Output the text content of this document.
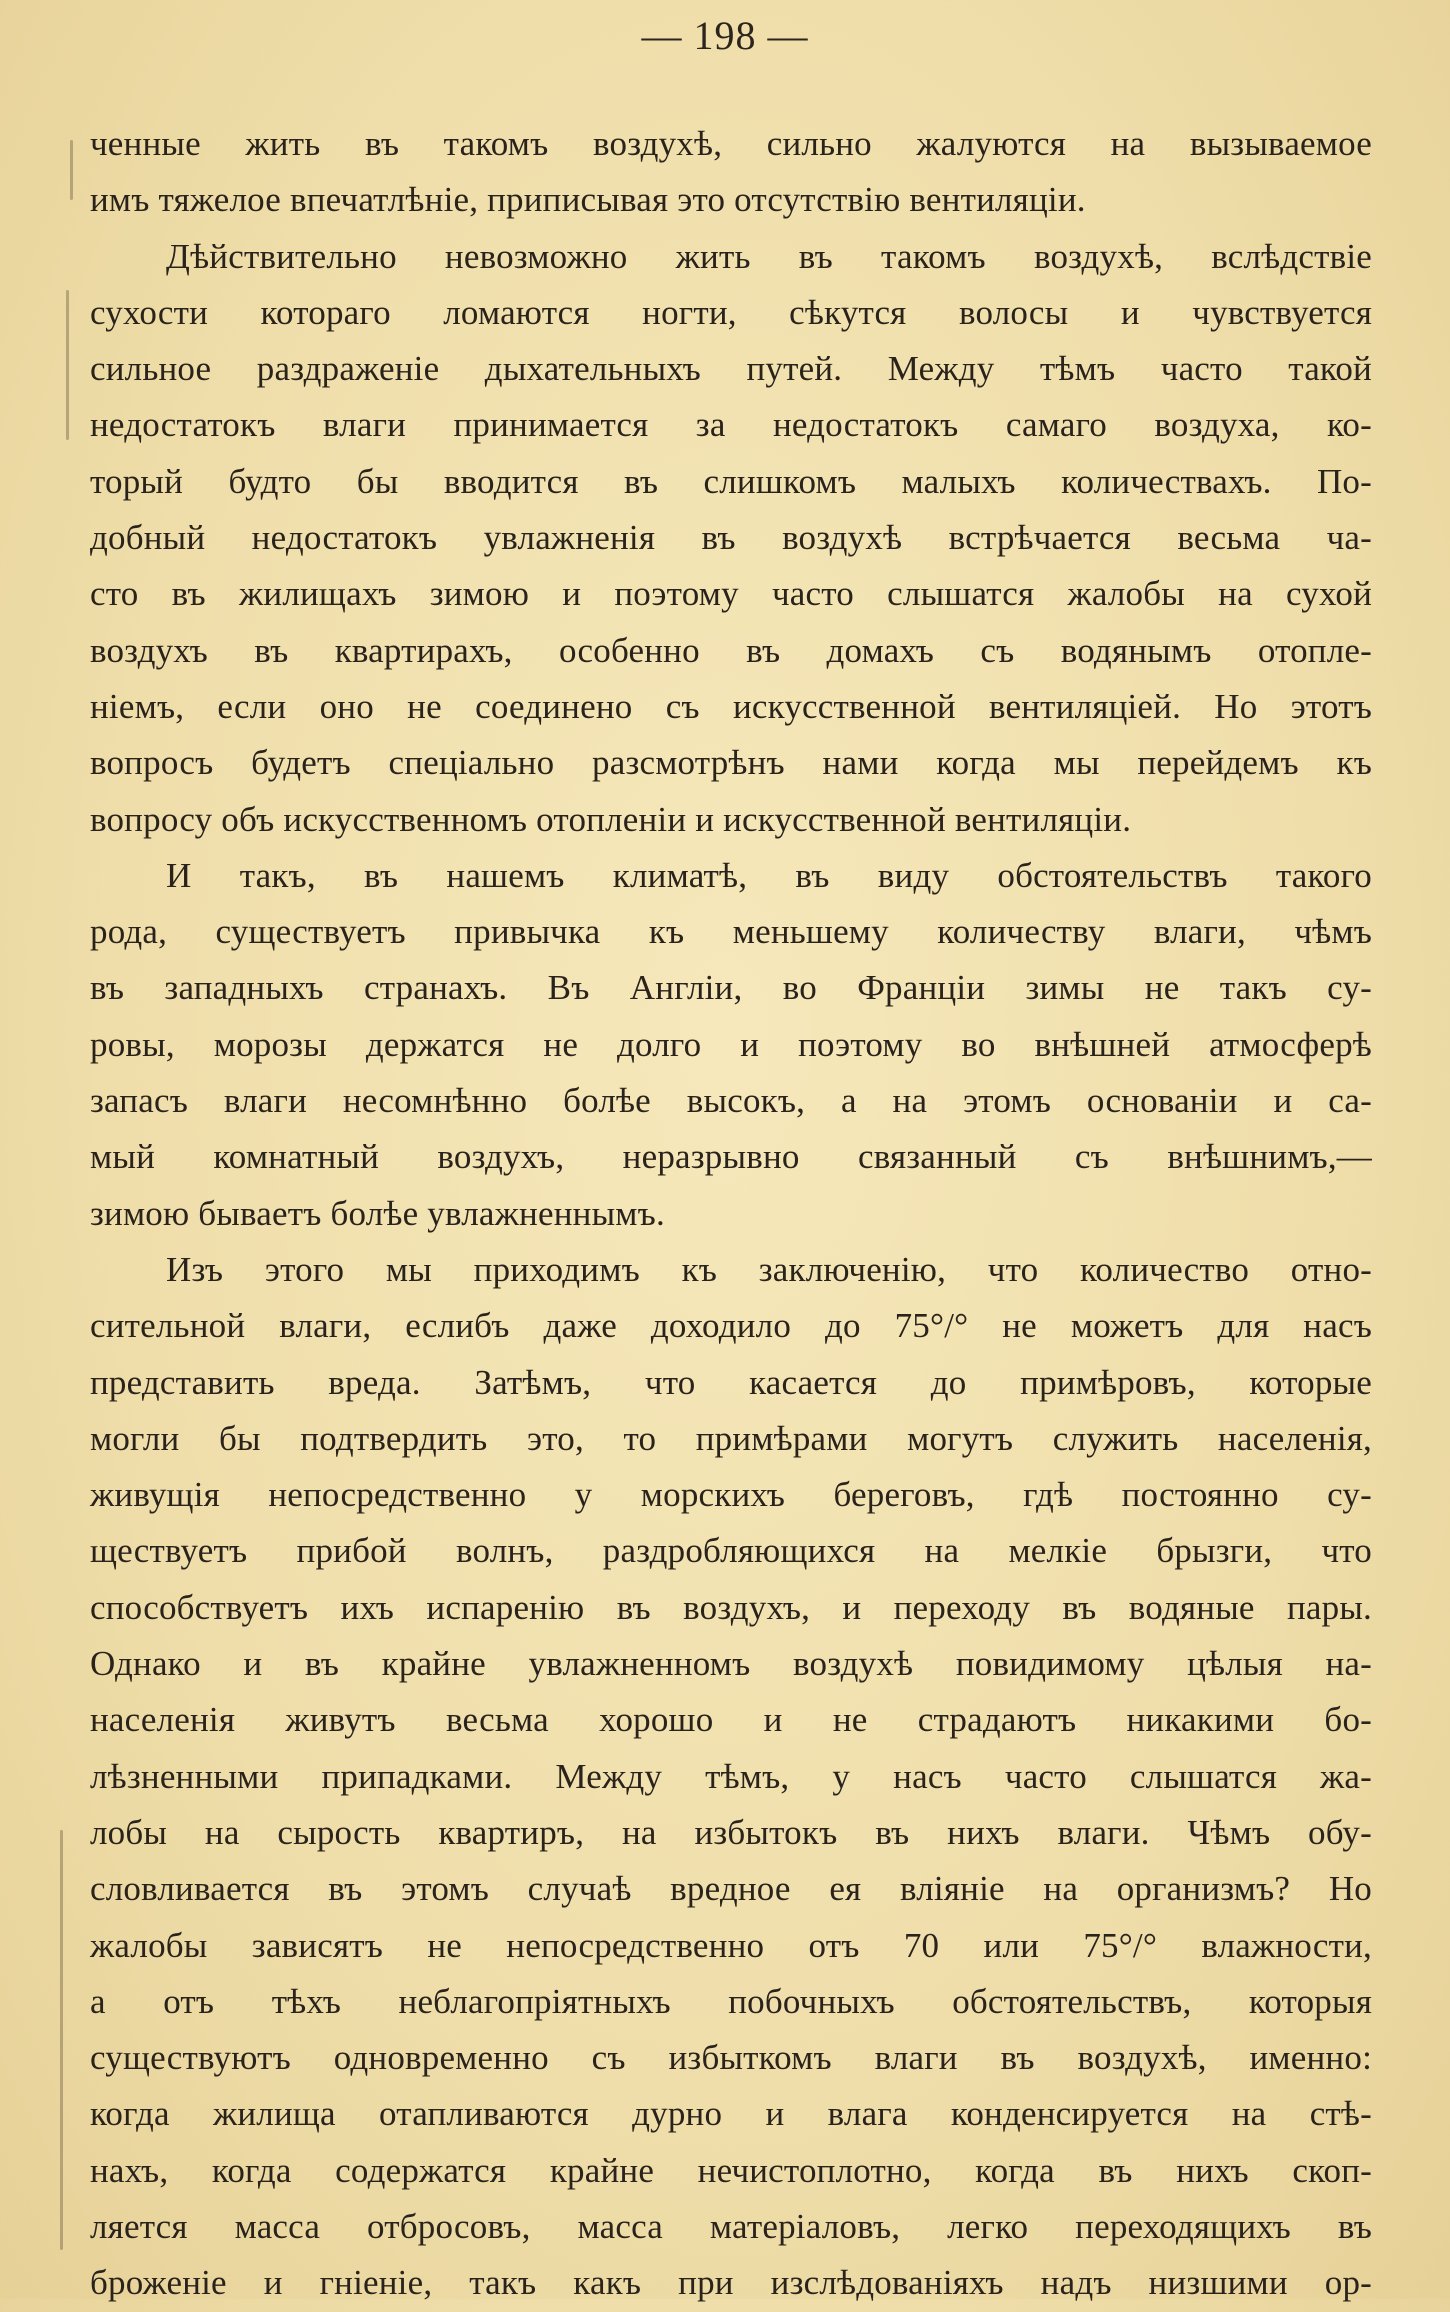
— 198 —
ченные жить въ такомъ воздухѣ, сильно жалуются на вызываемое
имъ тяжелое впечатлѣніе, приписывая это отсутствію вентиляціи.
Дѣйствительно невозможно жить въ такомъ воздухѣ, вслѣдствіе
сухости котораго ломаются ногти, сѣкутся волосы и чувствуется
сильное раздраженіе дыхательныхъ путей. Между тѣмъ часто такой
недостатокъ влаги принимается за недостатокъ самаго воздуха, ко-
торый будто бы вводится въ слишкомъ малыхъ количествахъ. По-
добный недостатокъ увлажненія въ воздухѣ встрѣчается весьма ча-
сто въ жилищахъ зимою и поэтому часто слышатся жалобы на сухой
воздухъ въ квартирахъ, особенно въ домахъ съ водянымъ отопле-
ніемъ, если оно не соединено съ искусственной вентиляціей. Но этотъ
вопросъ будетъ спеціально разсмотрѣнъ нами когда мы перейдемъ къ
вопросу объ искусственномъ отопленіи и искусственной вентиляціи.
И такъ, въ нашемъ климатѣ, въ виду обстоятельствъ такого
рода, существуетъ привычка къ меньшему количеству влаги, чѣмъ
въ западныхъ странахъ. Въ Англіи, во Франціи зимы не такъ су-
ровы, морозы держатся не долго и поэтому во внѣшней атмосферѣ
запасъ влаги несомнѣнно болѣе высокъ, а на этомъ основаніи и са-
мый комнатный воздухъ, неразрывно связанный съ внѣшнимъ,—
зимою бываетъ болѣе увлажненнымъ.
Изъ этого мы приходимъ къ заключенію, что количество отно-
сительной влаги, еслибъ даже доходило до 75°/° не можетъ для насъ
представить вреда. Затѣмъ, что касается до примѣровъ, которые
могли бы подтвердить это, то примѣрами могутъ служить населенія,
живущія непосредственно у морскихъ береговъ, гдѣ постоянно су-
ществуетъ прибой волнъ, раздробляющихся на мелкіе брызги, что
способствуетъ ихъ испаренію въ воздухъ, и переходу въ водяные пары.
Однако и въ крайне увлажненномъ воздухѣ повидимому цѣлыя на-
населенія живутъ весьма хорошо и не страдаютъ никакими бо-
лѣзненными припадками. Между тѣмъ, у насъ часто слышатся жа-
лобы на сырость квартиръ, на избытокъ въ нихъ влаги. Чѣмъ обу-
словливается въ этомъ случаѣ вредное ея вліяніе на организмъ? Но
жалобы зависятъ не непосредственно отъ 70 или 75°/° влажности,
а отъ тѣхъ неблагопріятныхъ побочныхъ обстоятельствъ, которыя
существуютъ одновременно съ избыткомъ влаги въ воздухѣ, именно:
когда жилища отапливаются дурно и влага конденсируется на стѣ-
нахъ, когда содержатся крайне нечистоплотно, когда въ нихъ скоп-
ляется масса отбросовъ, масса матеріаловъ, легко переходящихъ въ
броженіе и гніеніе, такъ какъ при изслѣдованіяхъ надъ низшими ор-
